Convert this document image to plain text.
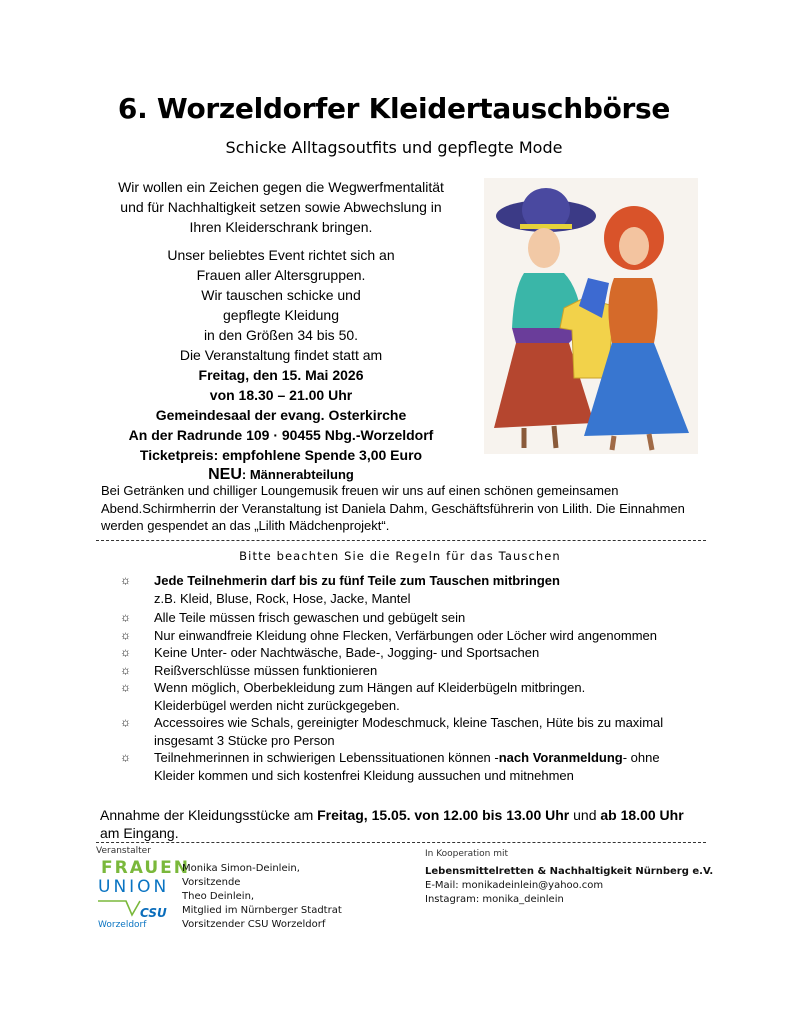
6. Worzeldorfer Kleidertauschbörse
Schicke Alltagsoutfits und gepflegte Mode

Wir wollen ein Zeichen gegen die Wegwerfmentalität

und für Nachhaltigkeit setzen sowie Abwechslung in

Ihren Kleiderschrank bringen.

Unser beliebtes Event richtet sich an

Frauen aller Altersgruppen.

Wir tauschen schicke und

gepflegte Kleidung

in den Größen 34 bis 50.

Die Veranstaltung findet statt am

Freitag, den 15. Mai 2026

von 18.30 – 21.00 Uhr

Gemeindesaal der evang. Osterkirche

An der Radrunde 109 · 90455 Nbg.-Worzeldorf

Ticketpreis: empfohlene Spende 3,00 Euro

NEU: Männerabteilung

Bei Getränken und chilliger Loungemusik freuen wir uns auf einen schönen gemeinsamen Abend.Schirmherrin der Veranstaltung ist Daniela Dahm, Geschäftsführerin von Lilith. Die Einnahmen werden gespendet an das „Lilith Mädchenprojekt“.
Bitte beachten Sie die Regeln für das Tauschen
☼ Jede Teilnehmerin darf bis zu fünf Teile zum Tauschen mitbringen
z.B. Kleid, Bluse, Rock, Hose, Jacke, Mantel
☼ Alle Teile müssen frisch gewaschen und gebügelt sein
☼ Nur einwandfreie Kleidung ohne Flecken, Verfärbungen oder Löcher wird angenommen
☼ Keine Unter- oder Nachtwäsche, Bade-, Jogging- und Sportsachen
☼ Reißverschlüsse müssen funktionieren
☼ Wenn möglich, Oberbekleidung zum Hängen auf Kleiderbügeln mitbringen. Kleiderbügel werden nicht zurückgegeben.
☼ Accessoires wie Schals, gereinigter Modeschmuck, kleine Taschen, Hüte bis zu maximal insgesamt 3 Stücke pro Person
☼ Teilnehmerinnen in schwierigen Lebenssituationen können -nach Voranmeldung- ohne Kleider kommen und sich kostenfrei Kleidung aussuchen und mitnehmen
Annahme der Kleidungsstücke am Freitag, 15.05. von 12.00 bis 13.00 Uhr und ab 18.00 Uhr am Eingang.
Veranstalter
FRAUEN
UNION
CSU
Worzeldorf
Monika Simon-Deinlein,
Vorsitzende
Theo Deinlein,
Mitglied im Nürnberger Stadtrat
Vorsitzender CSU Worzeldorf
In Kooperation mit
Lebensmittelretten & Nachhaltigkeit Nürnberg e.V.
E-Mail: monikadeinlein@yahoo.com
Instagram: monika_deinlein
